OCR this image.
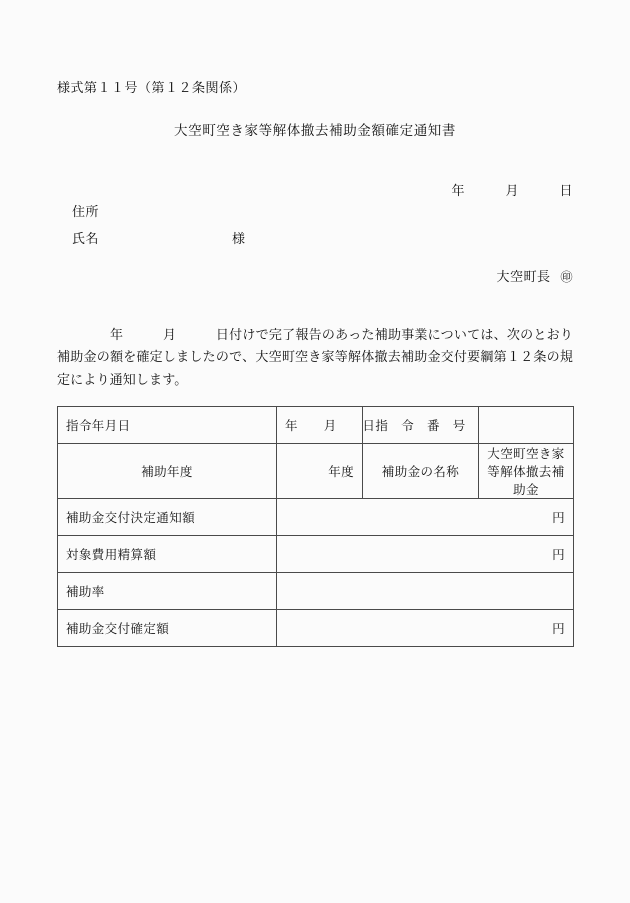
様式第１１号（第１２条関係）
大空町空き家等解体撤去補助金額確定通知書
年　　　月　　　日
住所
氏名	様
大空町長 ㊞
年　　　月　　　日付けで完了報告のあった補助事業については、次のとおり補助金の額を確定しましたので、大空町空き家等解体撤去補助金交付要綱第１２条の規定により通知します。
指令年月日	年　　月　　日	指　令　番　号	
補助年度	年度	補助金の名称	大空町空き家等解体撤去補助金
補助金交付決定通知額	円		
対象費用精算額	円		
補助率			
補助金交付確定額	円		
